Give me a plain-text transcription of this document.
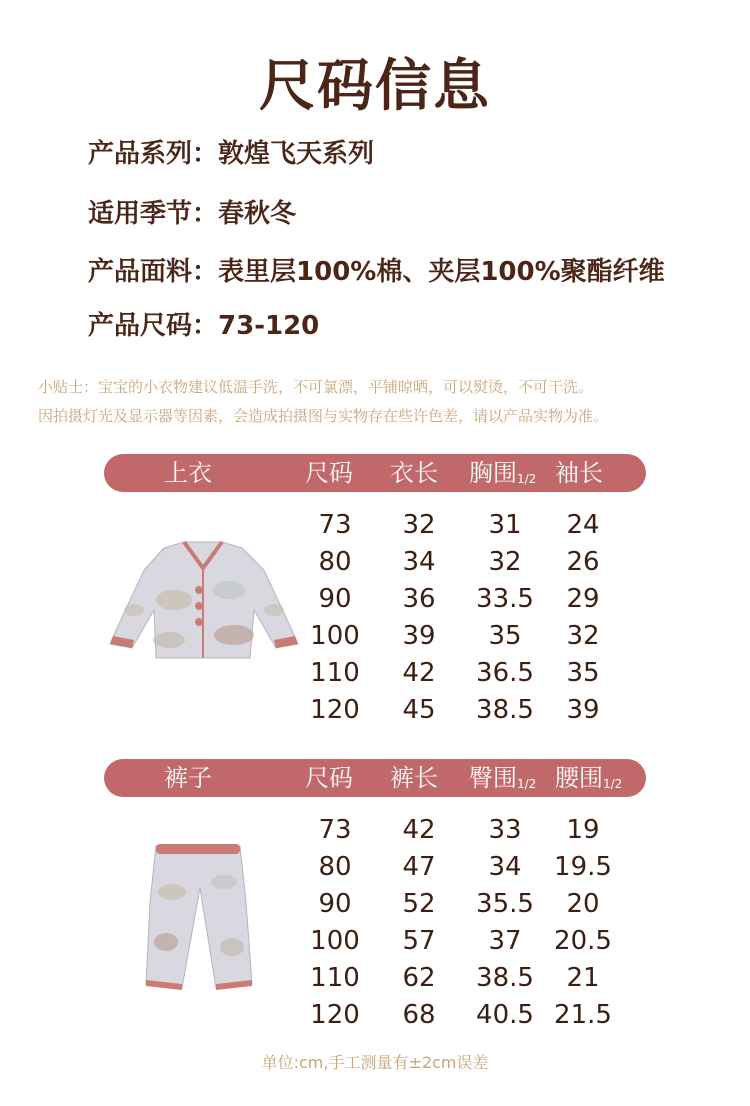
尺码信息
产品系列：敦煌飞天系列
适用季节：春秋冬
产品面料：表里层100%棉、夹层100%聚酯纤维
产品尺码：73-120
小贴士：宝宝的小衣物建议低温手洗，不可氯漂，平铺晾晒，可以熨烫，不可干洗。
因拍摄灯光及显示器等因素，会造成拍摄图与实物存在些许色差，请以产品实物为准。
上衣	尺码 衣长 胸围$_{1/2}$ 袖长
73	32	31	24
80	34	32	26
90	36	33.5	29
100	39	35	32
110	42	36.5	35
120	45	38.5	39
裤子	尺码 裤长 臀围$_{1/2}$ 腰围$_{1/2}$
73	42	33	19
80	47	34	19.5
90	52	35.5	20
100	57	37	20.5
110	62	38.5	21
120	68	40.5 21.5
单位:cm,手工测量有±2cm误差
